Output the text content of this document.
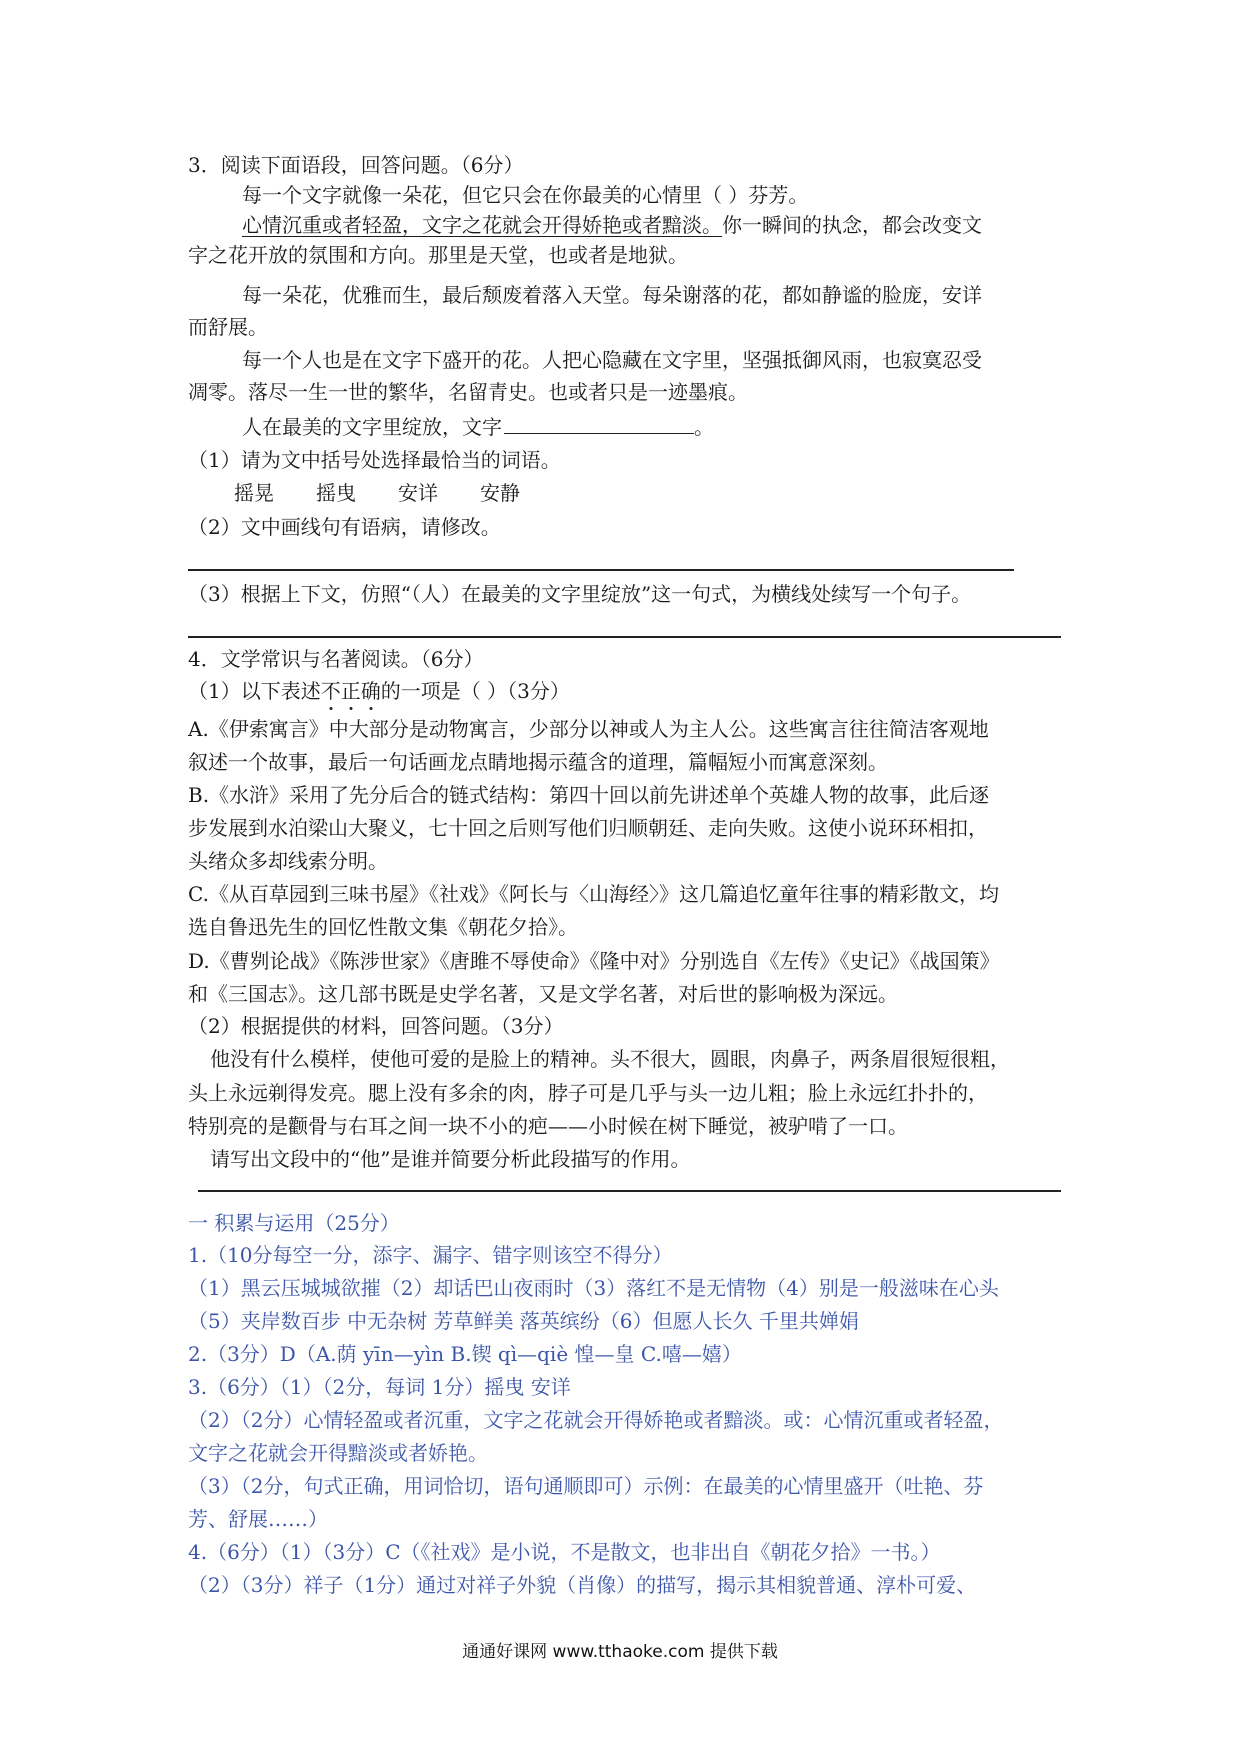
3．阅读下面语段，回答问题。（6分）

每一个文字就像一朵花，但它只会在你最美的心情里（ ）芬芳。

心情沉重或者轻盈，文字之花就会开得娇艳或者黯淡。你一瞬间的执念，都会改变文

字之花开放的氛围和方向。那里是天堂，也或者是地狱。

每一朵花，优雅而生，最后颓废着落入天堂。每朵谢落的花，都如静谧的脸庞，安详

而舒展。

每一个人也是在文字下盛开的花。人把心隐藏在文字里，坚强抵御风雨，也寂寞忍受

凋零。落尽一生一世的繁华，名留青史。也或者只是一迹墨痕。

人在最美的文字里绽放，文字	。

（1）请为文中括号处选择最恰当的词语。

摇晃 摇曳 安详 安静

（2）文中画线句有语病，请修改。

（3）根据上下文，仿照“（人）在最美的文字里绽放”这一句式，为横线处续写一个句子。

4．文学常识与名著阅读。（6分）

（1）以下表述不正确的一项是（ ）（3分）

A.《伊索寓言》中大部分是动物寓言，少部分以神或人为主人公。这些寓言往往简洁客观地

叙述一个故事，最后一句话画龙点睛地揭示蕴含的道理，篇幅短小而寓意深刻。

B.《水浒》采用了先分后合的链式结构：第四十回以前先讲述单个英雄人物的故事，此后逐

步发展到水泊梁山大聚义，七十回之后则写他们归顺朝廷、走向失败。这使小说环环相扣，

头绪众多却线索分明。

C.《从百草园到三味书屋》《社戏》《阿长与〈山海经〉》这几篇追忆童年往事的精彩散文，均

选自鲁迅先生的回忆性散文集《朝花夕拾》。

D.《曹刿论战》《陈涉世家》《唐雎不辱使命》《隆中对》分别选自《左传》《史记》《战国策》

和《三国志》。这几部书既是史学名著，又是文学名著，对后世的影响极为深远。

（2）根据提供的材料，回答问题。（3分）

他没有什么模样，使他可爱的是脸上的精神。头不很大，圆眼，肉鼻子，两条眉很短很粗，

头上永远剃得发亮。腮上没有多余的肉，脖子可是几乎与头一边儿粗；脸上永远红扑扑的，

特别亮的是颧骨与右耳之间一块不小的疤——小时候在树下睡觉，被驴啃了一口。

请写出文段中的“他”是谁并简要分析此段描写的作用。

一 积累与运用（25分）

1.（10分每空一分，添字、漏字、错字则该空不得分）

（1）黑云压城城欲摧（2）却话巴山夜雨时（3）落红不是无情物（4）别是一般滋味在心头

（5）夹岸数百步 中无杂树 芳草鲜美 落英缤纷（6）但愿人长久 千里共婵娟

2.（3分）D（A.荫 yīn—yìn B.锲 qì—qiè 惶—皇 C.嘻—嬉）

3.（6分）（1）（2分，每词 1分）摇曳 安详

（2）（2分）心情轻盈或者沉重，文字之花就会开得娇艳或者黯淡。或：心情沉重或者轻盈，

文字之花就会开得黯淡或者娇艳。

（3）（2分，句式正确，用词恰切，语句通顺即可）示例：在最美的心情里盛开（吐艳、芬

芳、舒展……）

4.（6分）（1）（3分）C（《社戏》是小说，不是散文，也非出自《朝花夕拾》一书。）

（2）（3分）祥子（1分）通过对祥子外貌（肖像）的描写，揭示其相貌普通、淳朴可爱、

通通好课网 www.tthaoke.com 提供下载
